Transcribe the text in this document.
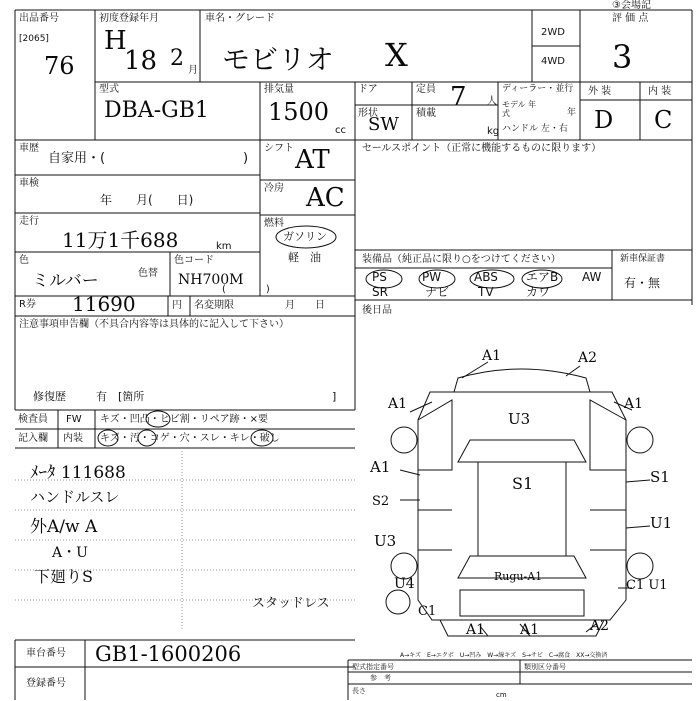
出品番号
[2065]
76
初度登録年月
H
18 2 月
車名・グレード
モビリオ X
2WD
4WD
評 価 点
3
型式
DBA-GB1
排気量
1500
cc
ドア
形状
SW
定員 7 人
積載
kg
ディーラー・並行
モデル 年式	年
ハンドル 左・右
外 装	内 装
D C
車歴
自家用・(	)
車検
年　　月(　　日)
走行
11万1千688	km
色
ミルバー	色替
色コード
NH700M
(　　　　)
R券 11690	円 名変期限	月　　日
シフト AT
冷房 AC
燃料
ガソリン
軽　油
注意事項申告欄（不具合内容等は具体的に記入して下さい）
修復歴	有　[箇所	]
セールスポイント（正常に機能するものに限ります）
装備品（純正品に限り○をつけてください）	新車保証書
有・無
PS	PW	ABS エアB AW
SR	ナビ TV	カワ
後日品
検査員
記入欄
FW
内装
キズ・凹凸・ヒビ割・リペア跡・×要
キズ・汚・コゲ・穴・スレ・キレ・破し
ﾒｰﾀ 111688
ハンドルスレ
外A/w A
A・U
下廻りS
スタッドレス
A1	A2
A1	A1
U3
A1
S2
S1	S1
U3
U1
U4
C1
Rugu-A1
C1 U1
A1 A1	A2
A→キズ　E→エクボ　U→凹み　W→線キズ　S→サビ　C→腐食　XX→交換済
車台番号 GB1-1600206
登録番号
型式指定番号	類別区分番号
参　考
長さ	cm
③会場記
